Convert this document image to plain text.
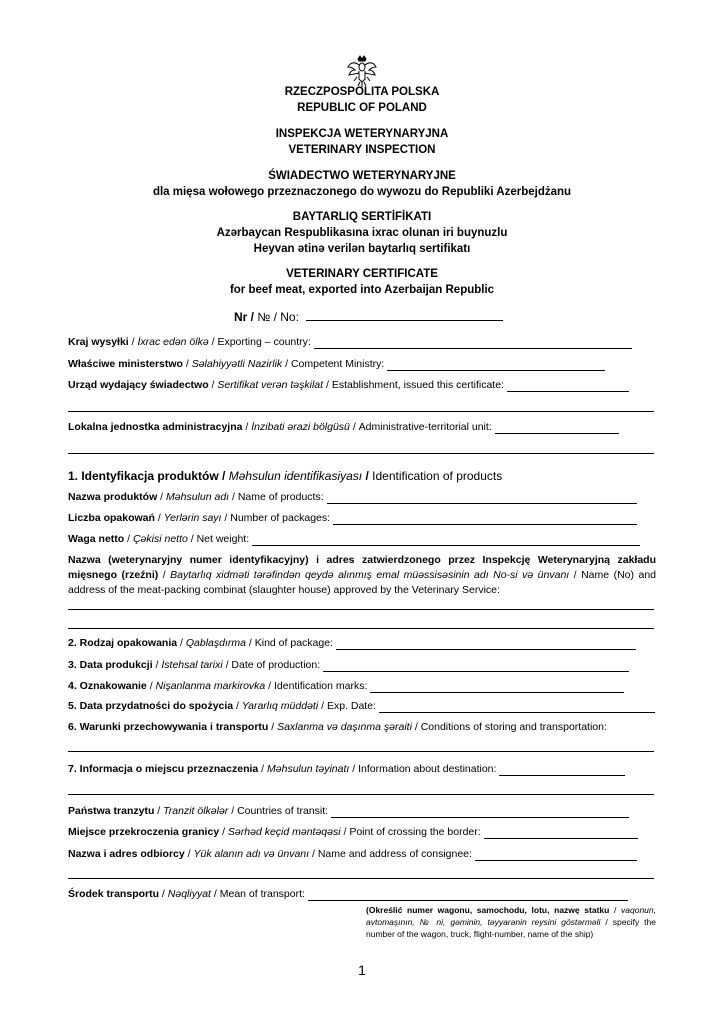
RZECZPOSPOLITA POLSKA
REPUBLIC OF POLAND
INSPEKCJA WETERYNARYJNA
VETERINARY INSPECTION
ŚWIADECTWO WETERYNARYJNE
dla mięsa wołowego przeznaczonego do wywozu do Republiki Azerbejdżanu
BAYTARLIQ SERTİFİKATI
Azərbaycan Respublikasına ixrac olunan iri buynuzlu
Heyvan ətinə verilən baytarlıq sertifikatı
VETERINARY CERTIFICATE
for beef meat, exported into Azerbaijan Republic
Nr / № / No:
Kraj wysyłki / İxrac edən ölkə / Exporting – country:
Właściwe ministerstwo / Səlahiyyətli Nazirlik / Competent Ministry:
Urząd wydający świadectwo / Sertifikat verən təşkilat / Establishment, issued this certificate:
Lokalna jednostka administracyjna / İnzibati ərazi bölgüsü / Administrative-territorial unit:
1. Identyfikacja produktów / Məhsulun identifikasiyası / Identification of products
Nazwa produktów / Məhsulun adı / Name of products:
Liczba opakowań / Yerlərin sayı / Number of packages:
Waga netto / Çəkisi netto / Net weight:
Nazwa (weterynaryjny numer identyfikacyjny) i adres zatwierdzonego przez Inspekcję Weterynaryjną zakładu mięsnego (rzeźni) / Baytarlıq xidməti tərəfindən qeydə alınmış emal müəssisəsinin adı No-si və ünvanı / Name (No) and address of the meat-packing combinat (slaughter house) approved by the Veterinary Service:
2. Rodzaj opakowania / Qablaşdırma / Kind of package:
3. Data produkcji / İstehsal tarixi / Date of production:
4. Oznakowanie / Nişanlanma markirovka / Identification marks:
5. Data przydatności do spożycia / Yararlıq müddəti / Exp. Date:
6. Warunki przechowywania i transportu / Saxlanma və daşınma şəraiti / Conditions of storing and transportation:
7. Informacja o miejscu przeznaczenia / Məhsulun təyinatı / Information about destination:
Państwa tranzytu / Tranzit ölkələr / Countries of transit:
Miejsce przekroczenia granicy / Sərhəd keçid məntəqəsi / Point of crossing the border:
Nazwa i adres odbiorcy / Yük alanın adı və ünvanı / Name and address of consignee:
Środek transportu / Nəqliyyat / Mean of transport:
(Określić numer wagonu, samochodu, lotu, nazwę statku / vaqonun, avtomaşının, № ni, gəminin, təyyarənin reysini göstərməli / specify the number of the wagon, truck, flight-number, name of the ship)
1
